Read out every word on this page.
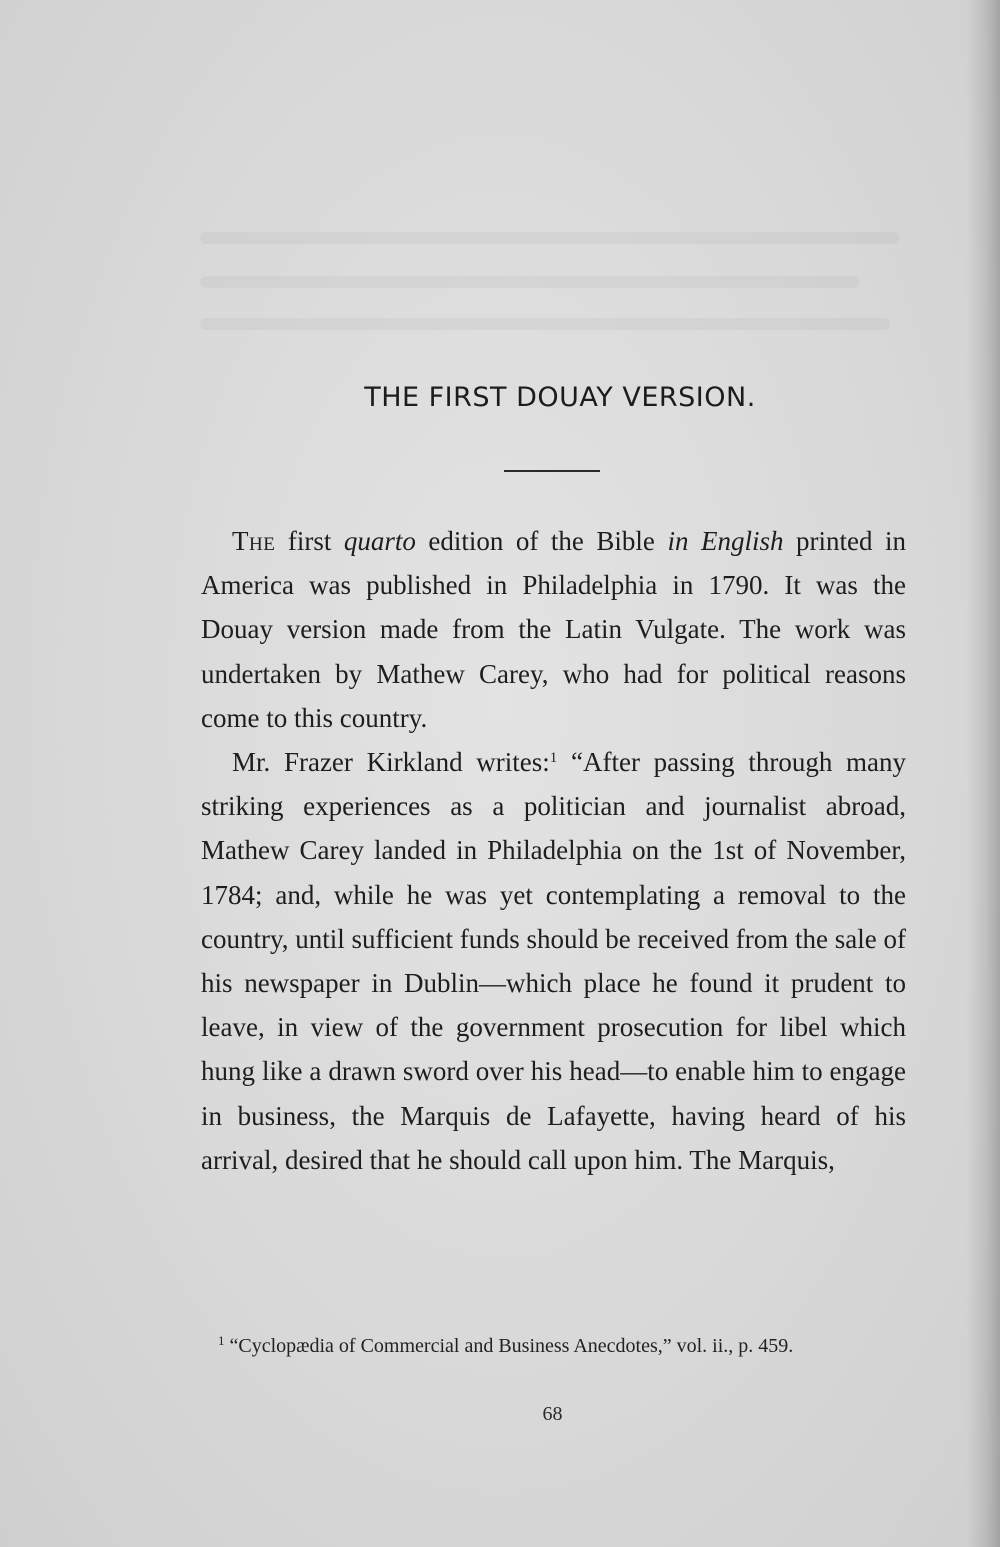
THE FIRST DOUAY VERSION.

The first quarto edition of the Bible in English printed in America was published in Philadelphia in 1790. It was the Douay version made from the Latin Vulgate. The work was undertaken by Mathew Carey, who had for political reasons come to this country.

Mr. Frazer Kirkland writes:$^1$ “After passing through many striking experiences as a politician and journalist abroad, Mathew Carey landed in Philadelphia on the 1st of November, 1784; and, while he was yet contemplating a removal to the country, until sufficient funds should be received from the sale of his newspaper in Dublin—which place he found it prudent to leave, in view of the government prosecution for libel which hung like a drawn sword over his head—to enable him to engage in business, the Marquis de Lafayette, having heard of his arrival, desired that he should call upon him. The Marquis,

$^1$ “Cyclopædia of Commercial and Business Anecdotes,” vol. ii., p. 459.

68
